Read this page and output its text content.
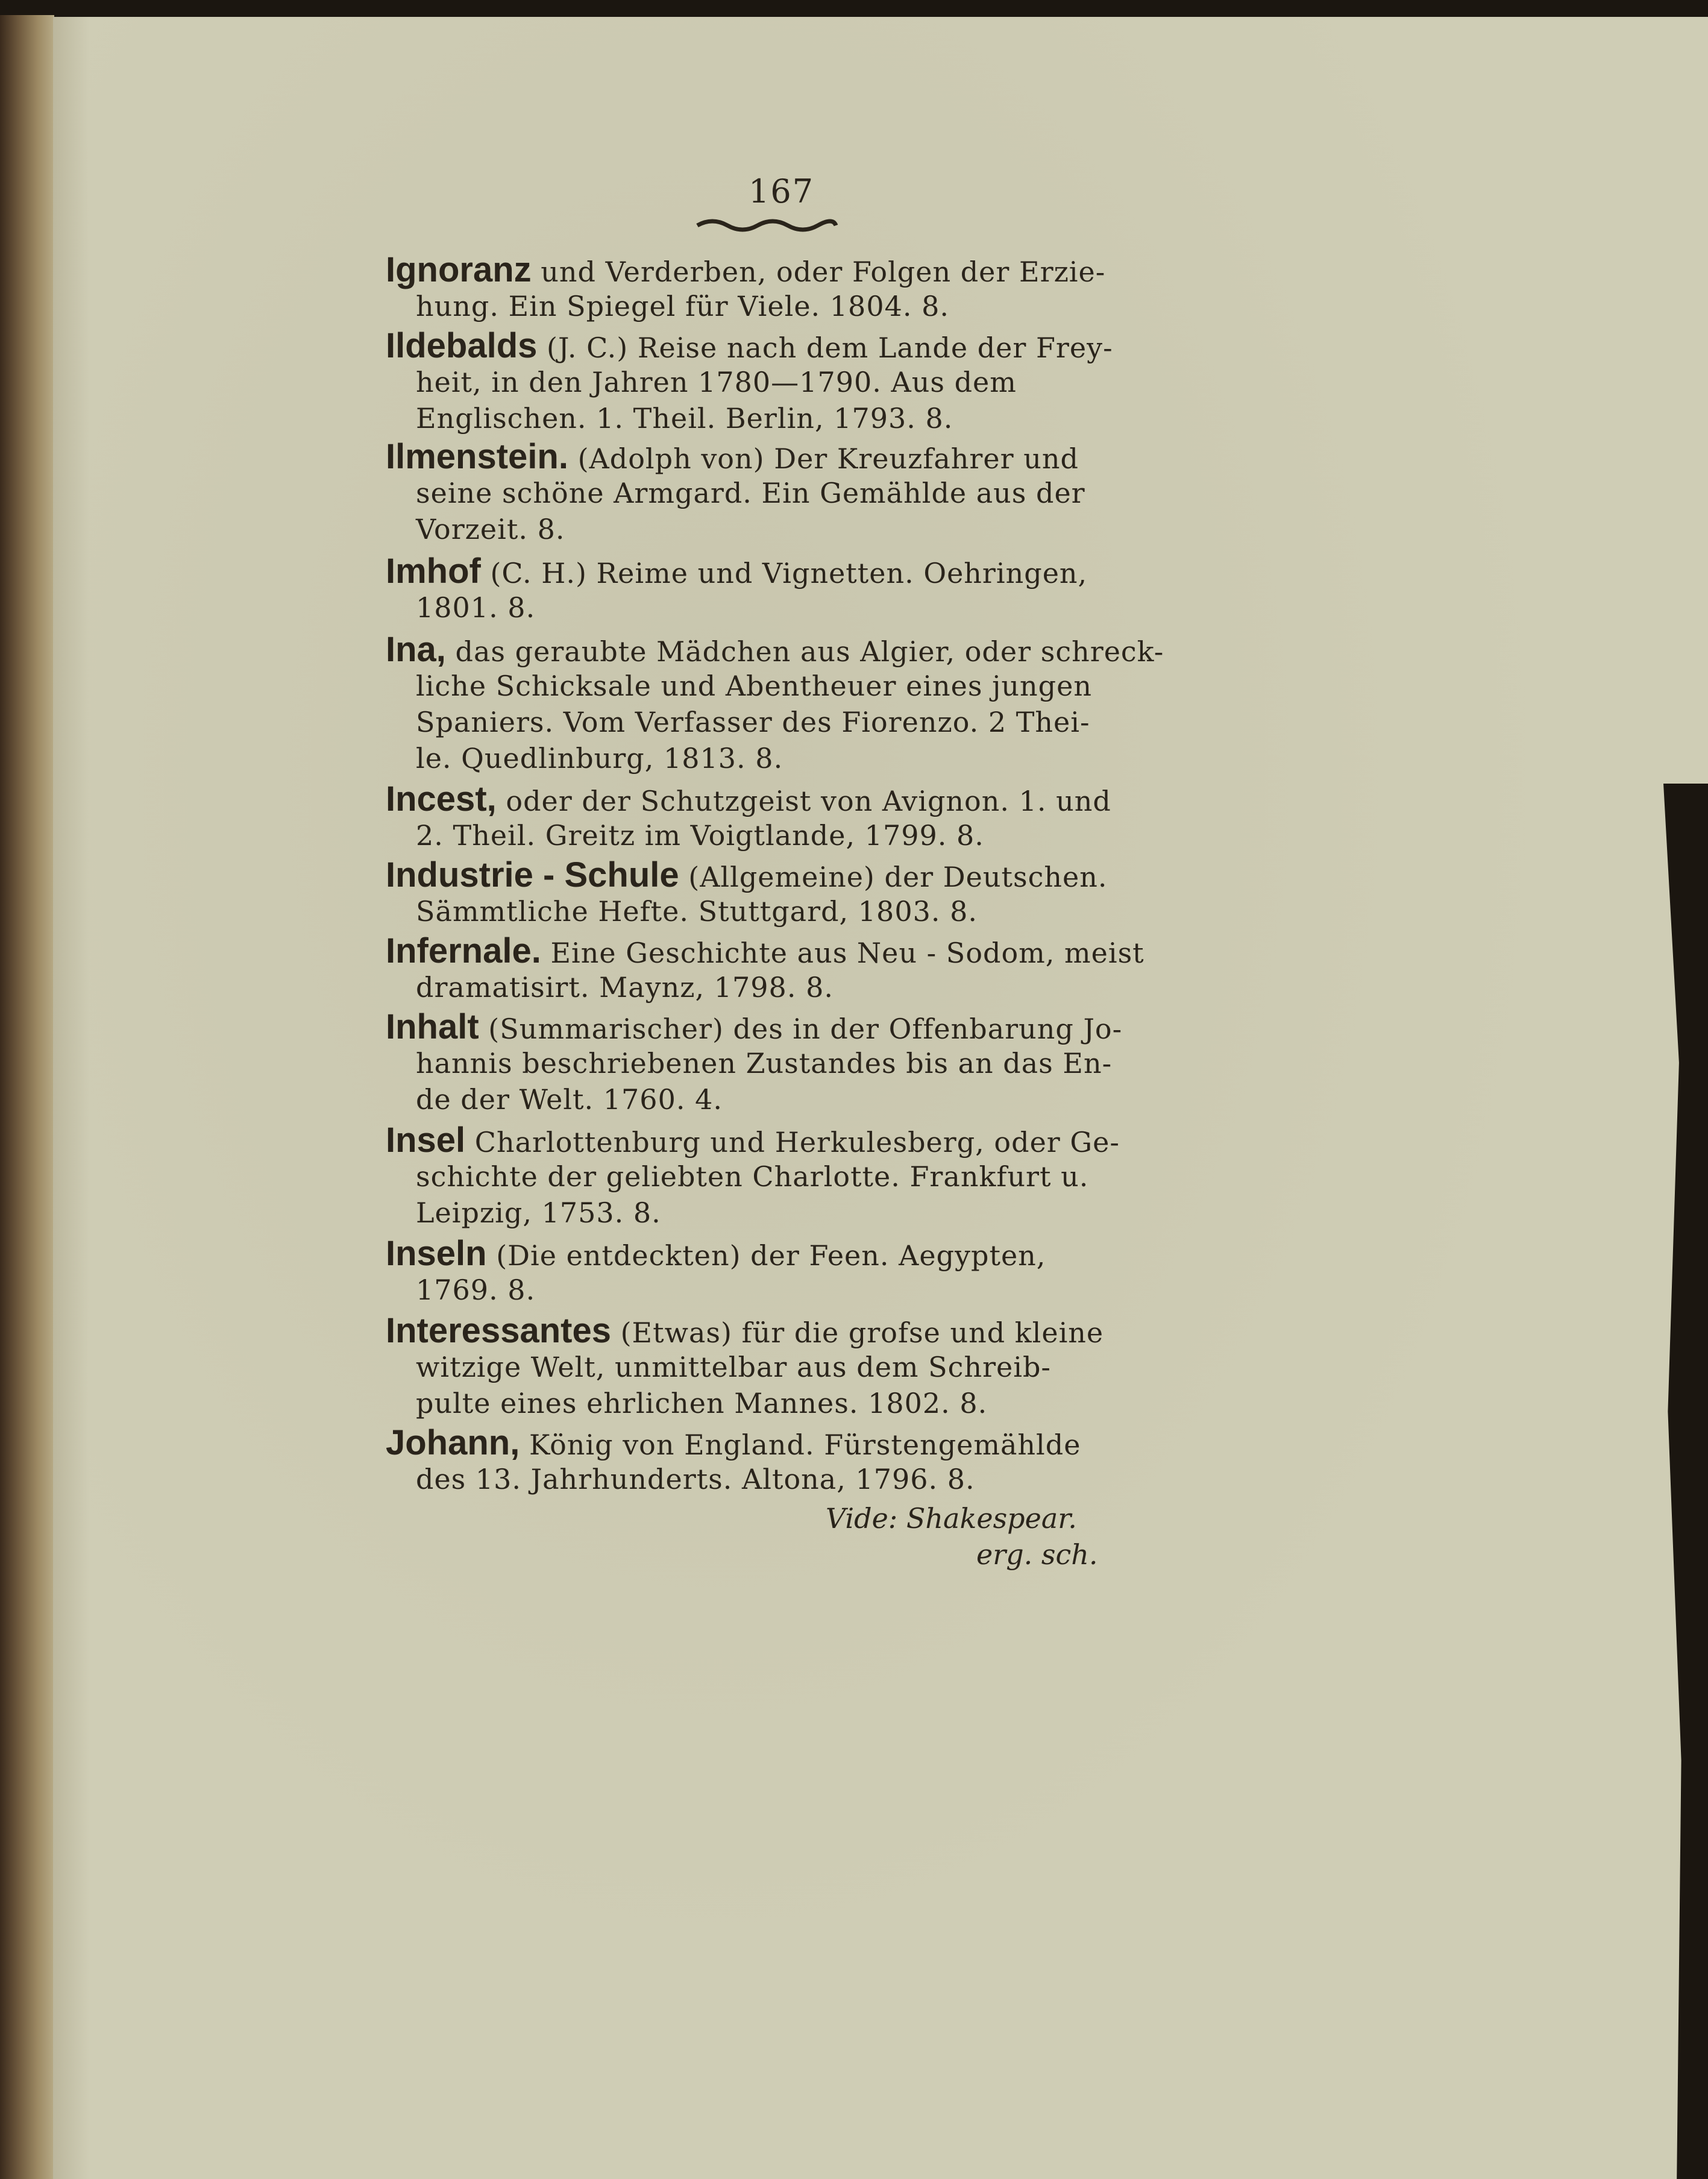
167
Ignoranz und Verderben, oder Folgen der Erzie-
hung. Ein Spiegel für Viele. 1804. 8.
Ildebalds (J. C.) Reise nach dem Lande der Frey-
heit, in den Jahren 1780—1790. Aus dem
Englischen. 1. Theil. Berlin, 1793. 8.
Ilmenstein. (Adolph von) Der Kreuzfahrer und
seine schöne Armgard. Ein Gemählde aus der
Vorzeit. 8.
Imhof (C. H.) Reime und Vignetten. Oehringen,
1801. 8.
Ina, das geraubte Mädchen aus Algier, oder schreck-
liche Schicksale und Abentheuer eines jungen
Spaniers. Vom Verfasser des Fiorenzo. 2 Thei-
le. Quedlinburg, 1813. 8.
Incest, oder der Schutzgeist von Avignon. 1. und
2. Theil. Greitz im Voigtlande, 1799. 8.
Industrie - Schule (Allgemeine) der Deutschen.
Sämmtliche Hefte. Stuttgard, 1803. 8.
Infernale. Eine Geschichte aus Neu - Sodom, meist
dramatisirt. Maynz, 1798. 8.
Inhalt (Summarischer) des in der Offenbarung Jo-
hannis beschriebenen Zustandes bis an das En-
de der Welt. 1760. 4.
Insel Charlottenburg und Herkulesberg, oder Ge-
schichte der geliebten Charlotte. Frankfurt u.
Leipzig, 1753. 8.
Inseln (Die entdeckten) der Feen. Aegypten,
1769. 8.
Interessantes (Etwas) für die grofse und kleine
witzige Welt, unmittelbar aus dem Schreib-
pulte eines ehrlichen Mannes. 1802. 8.
Johann, König von England. Fürstengemählde
des 13. Jahrhunderts. Altona, 1796. 8.
Vide: Shakespear.
erg. sch.
